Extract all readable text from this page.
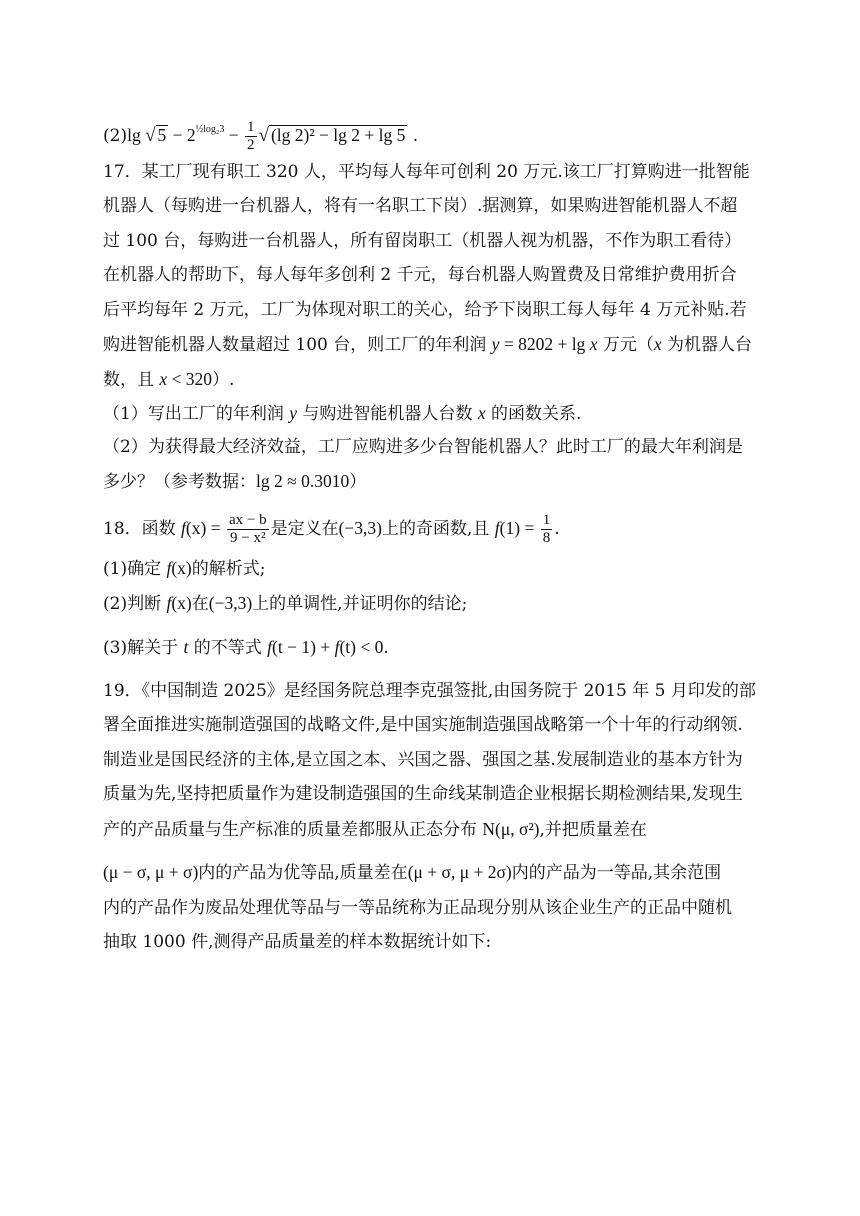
(2)lg √ $5 - 2^{\frac{1}{2}log_23} - \frac{1}{2}$ √ (lg 2)² − lg 2 + lg 5 .
17．某工厂现有职工 320 人，平均每人每年可创利 20 万元.该工厂打算购进一批智能
机器人（每购进一台机器人，将有一名职工下岗）.据测算，如果购进智能机器人不超
过 100 台，每购进一台机器人，所有留岗职工（机器人视为机器，不作为职工看待）
在机器人的帮助下，每人每年多创利 2 千元，每台机器人购置费及日常维护费用折合
后平均每年 2 万元，工厂为体现对职工的关心，给予下岗职工每人每年 4 万元补贴.若
购进智能机器人数量超过 100 台，则工厂的年利润 y = 8202 + lg x 万元（x 为机器人台
数，且 x < 320）.
（1）写出工厂的年利润 y 与购进智能机器人台数 x 的函数关系.
（2）为获得最大经济效益，工厂应购进多少台智能机器人？此时工厂的最大年利润是
多少？（参考数据：lg 2 ≈ 0.3010）
18．函数 $f(x) = \frac{ax - b}{\text{9 − x²}}$ 是定义在(−3,3)上的奇函数,且 $f(1) = \frac{1}{8}$ .
(1)确定 f(x)的解析式;
(2)判断 f(x)在(−3,3)上的单调性,并证明你的结论;
(3)解关于 t 的不等式 f(t − 1) + f(t) < 0.
19．《中国制造 2025》是经国务院总理李克强签批,由国务院于 2015 年 5 月印发的部
署全面推进实施制造强国的战略文件,是中国实施制造强国战略第一个十年的行动纲领.
制造业是国民经济的主体,是立国之本、兴国之器、强国之基.发展制造业的基本方针为
质量为先,坚持把质量作为建设制造强国的生命线某制造企业根据长期检测结果,发现生
产的产品质量与生产标准的质量差都服从正态分布 N(μ, σ²),并把质量差在
(μ − σ, μ + σ)内的产品为优等品,质量差在(μ + σ, μ + 2σ)内的产品为一等品,其余范围
内的产品作为废品处理优等品与一等品统称为正品现分别从该企业生产的正品中随机
抽取 1000 件,测得产品质量差的样本数据统计如下:
